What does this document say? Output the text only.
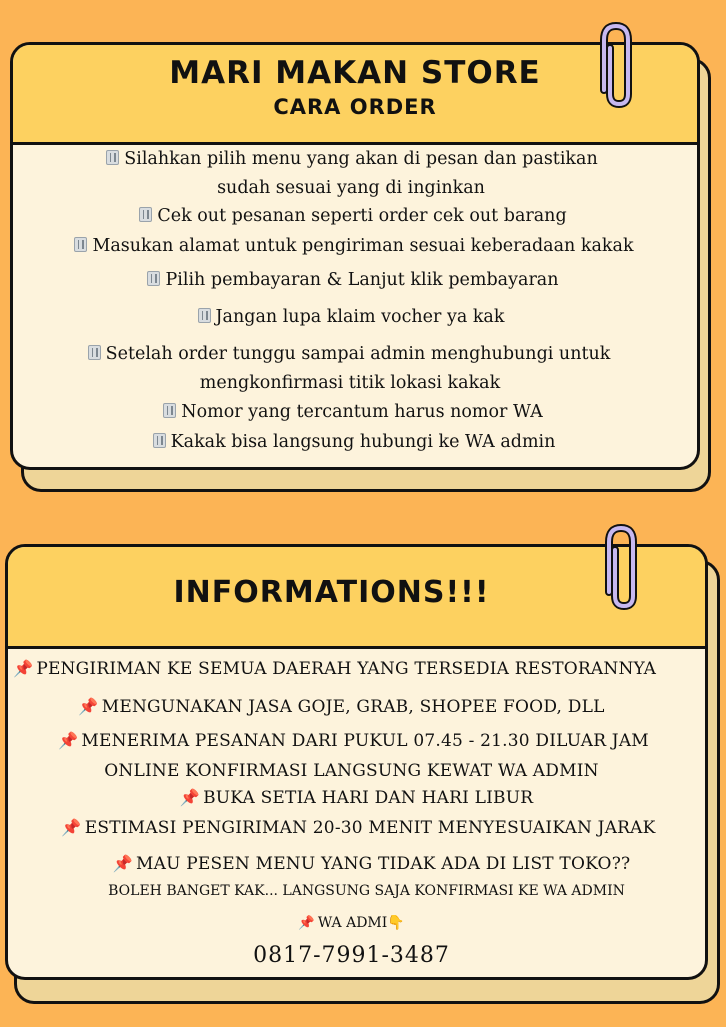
MARI MAKAN STORE
CARA ORDER
Silahkan pilih menu yang akan di pesan dan pastikan
sudah sesuai yang di inginkan
Cek out pesanan seperti order cek out barang
Masukan alamat untuk pengiriman sesuai keberadaan kakak
Pilih pembayaran & Lanjut klik pembayaran
Jangan lupa klaim vocher ya kak
Setelah order tunggu sampai admin menghubungi untuk
mengkonfirmasi titik lokasi kakak
Nomor yang tercantum harus nomor WA
Kakak bisa langsung hubungi ke WA admin
INFORMATIONS!!!
📌 PENGIRIMAN KE SEMUA DAERAH YANG TERSEDIA RESTORANNYA
📌 MENGUNAKAN JASA GOJE, GRAB, SHOPEE FOOD, DLL
📌 MENERIMA PESANAN DARI PUKUL 07.45 - 21.30 DILUAR JAM
ONLINE KONFIRMASI LANGSUNG KEWAT WA ADMIN
📌 BUKA SETIA HARI DAN HARI LIBUR
📌 ESTIMASI PENGIRIMAN 20-30 MENIT MENYESUAIKAN JARAK
📌 MAU PESEN MENU YANG TIDAK ADA DI LIST TOKO??
BOLEH BANGET KAK... LANGSUNG SAJA KONFIRMASI KE WA ADMIN
📌 WA ADMI👇
0817-7991-3487
